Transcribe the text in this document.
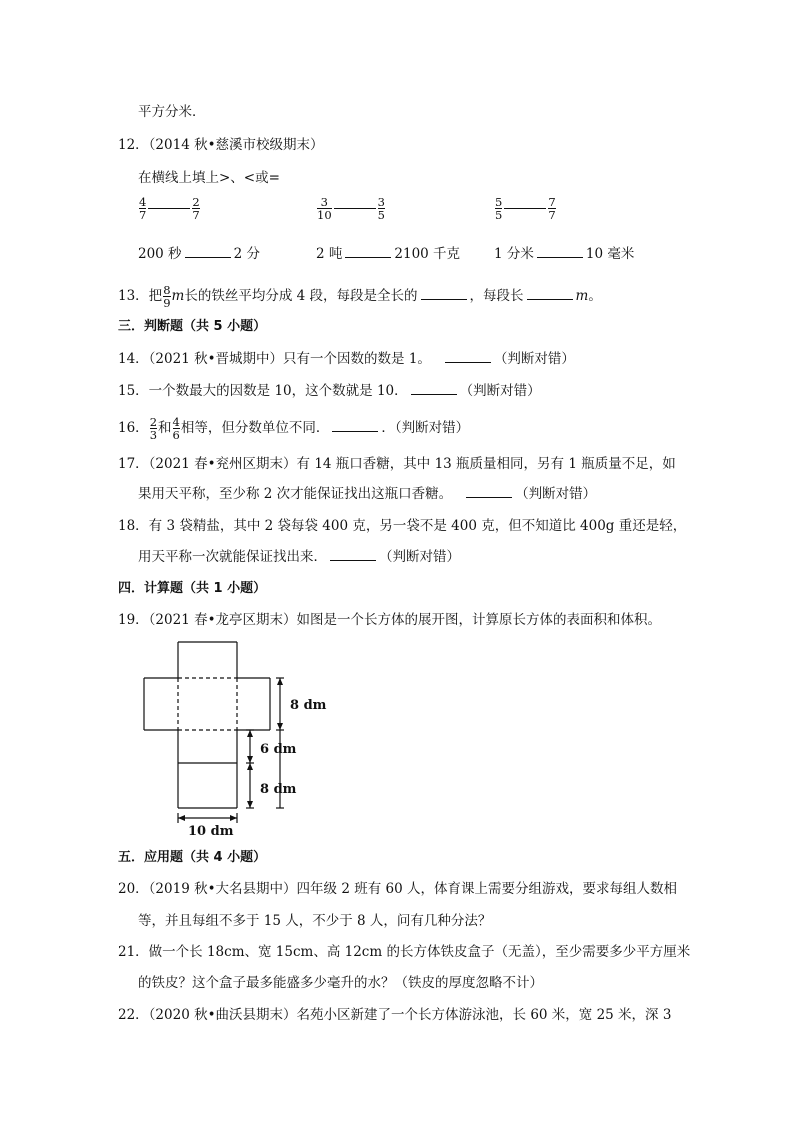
平方分米．
12．（2014 秋•慈溪市校级期末）
在横线上填上>、<或=
$\frac{4}{7}$	$\frac{2}{7}$	$\frac{3}{10}$	$\frac{3}{5}$	$\frac{5}{5}$	$\frac{7}{7}$
200 秒	2 分	2 吨	2100 千克	1 分米	10 毫米
13．把 $\frac{8}{9}$ m长的铁丝平均分成 4 段，每段是全长的	，每段长	m。
三．判断题（共 5 小题）
14．（2021 秋•晋城期中）只有一个因数的数是 1。	（判断对错）
15．一个数最大的因数是 10，这个数就是 10．	（判断对错）
16． $\frac{2}{3}$ 和 $\frac{4}{6}$ 相等，但分数单位不同．	．（判断对错）
17．（2021 春•兖州区期末）有 14 瓶口香糖，其中 13 瓶质量相同，另有 1 瓶质量不足，如
果用天平称，至少称 2 次才能保证找出这瓶口香糖。	（判断对错）
18．有 3 袋精盐，其中 2 袋每袋 400 克，另一袋不是 400 克，但不知道比 400g 重还是轻，
用天平称一次就能保证找出来．	（判断对错）
四．计算题（共 1 小题）
19．（2021 春•龙亭区期末）如图是一个长方体的展开图，计算原长方体的表面积和体积。
8 dm
6 dm
8 dm
10 dm
五．应用题（共 4 小题）
20．（2019 秋•大名县期中）四年级 2 班有 60 人，体育课上需要分组游戏，要求每组人数相
等，并且每组不多于 15 人，不少于 8 人，问有几种分法？
21．做一个长 18cm、宽 15cm、高 12cm 的长方体铁皮盒子（无盖），至少需要多少平方厘米
的铁皮？这个盒子最多能盛多少毫升的水？（铁皮的厚度忽略不计）
22．（2020 秋•曲沃县期末）名苑小区新建了一个长方体游泳池，长 60 米，宽 25 米，深 3
